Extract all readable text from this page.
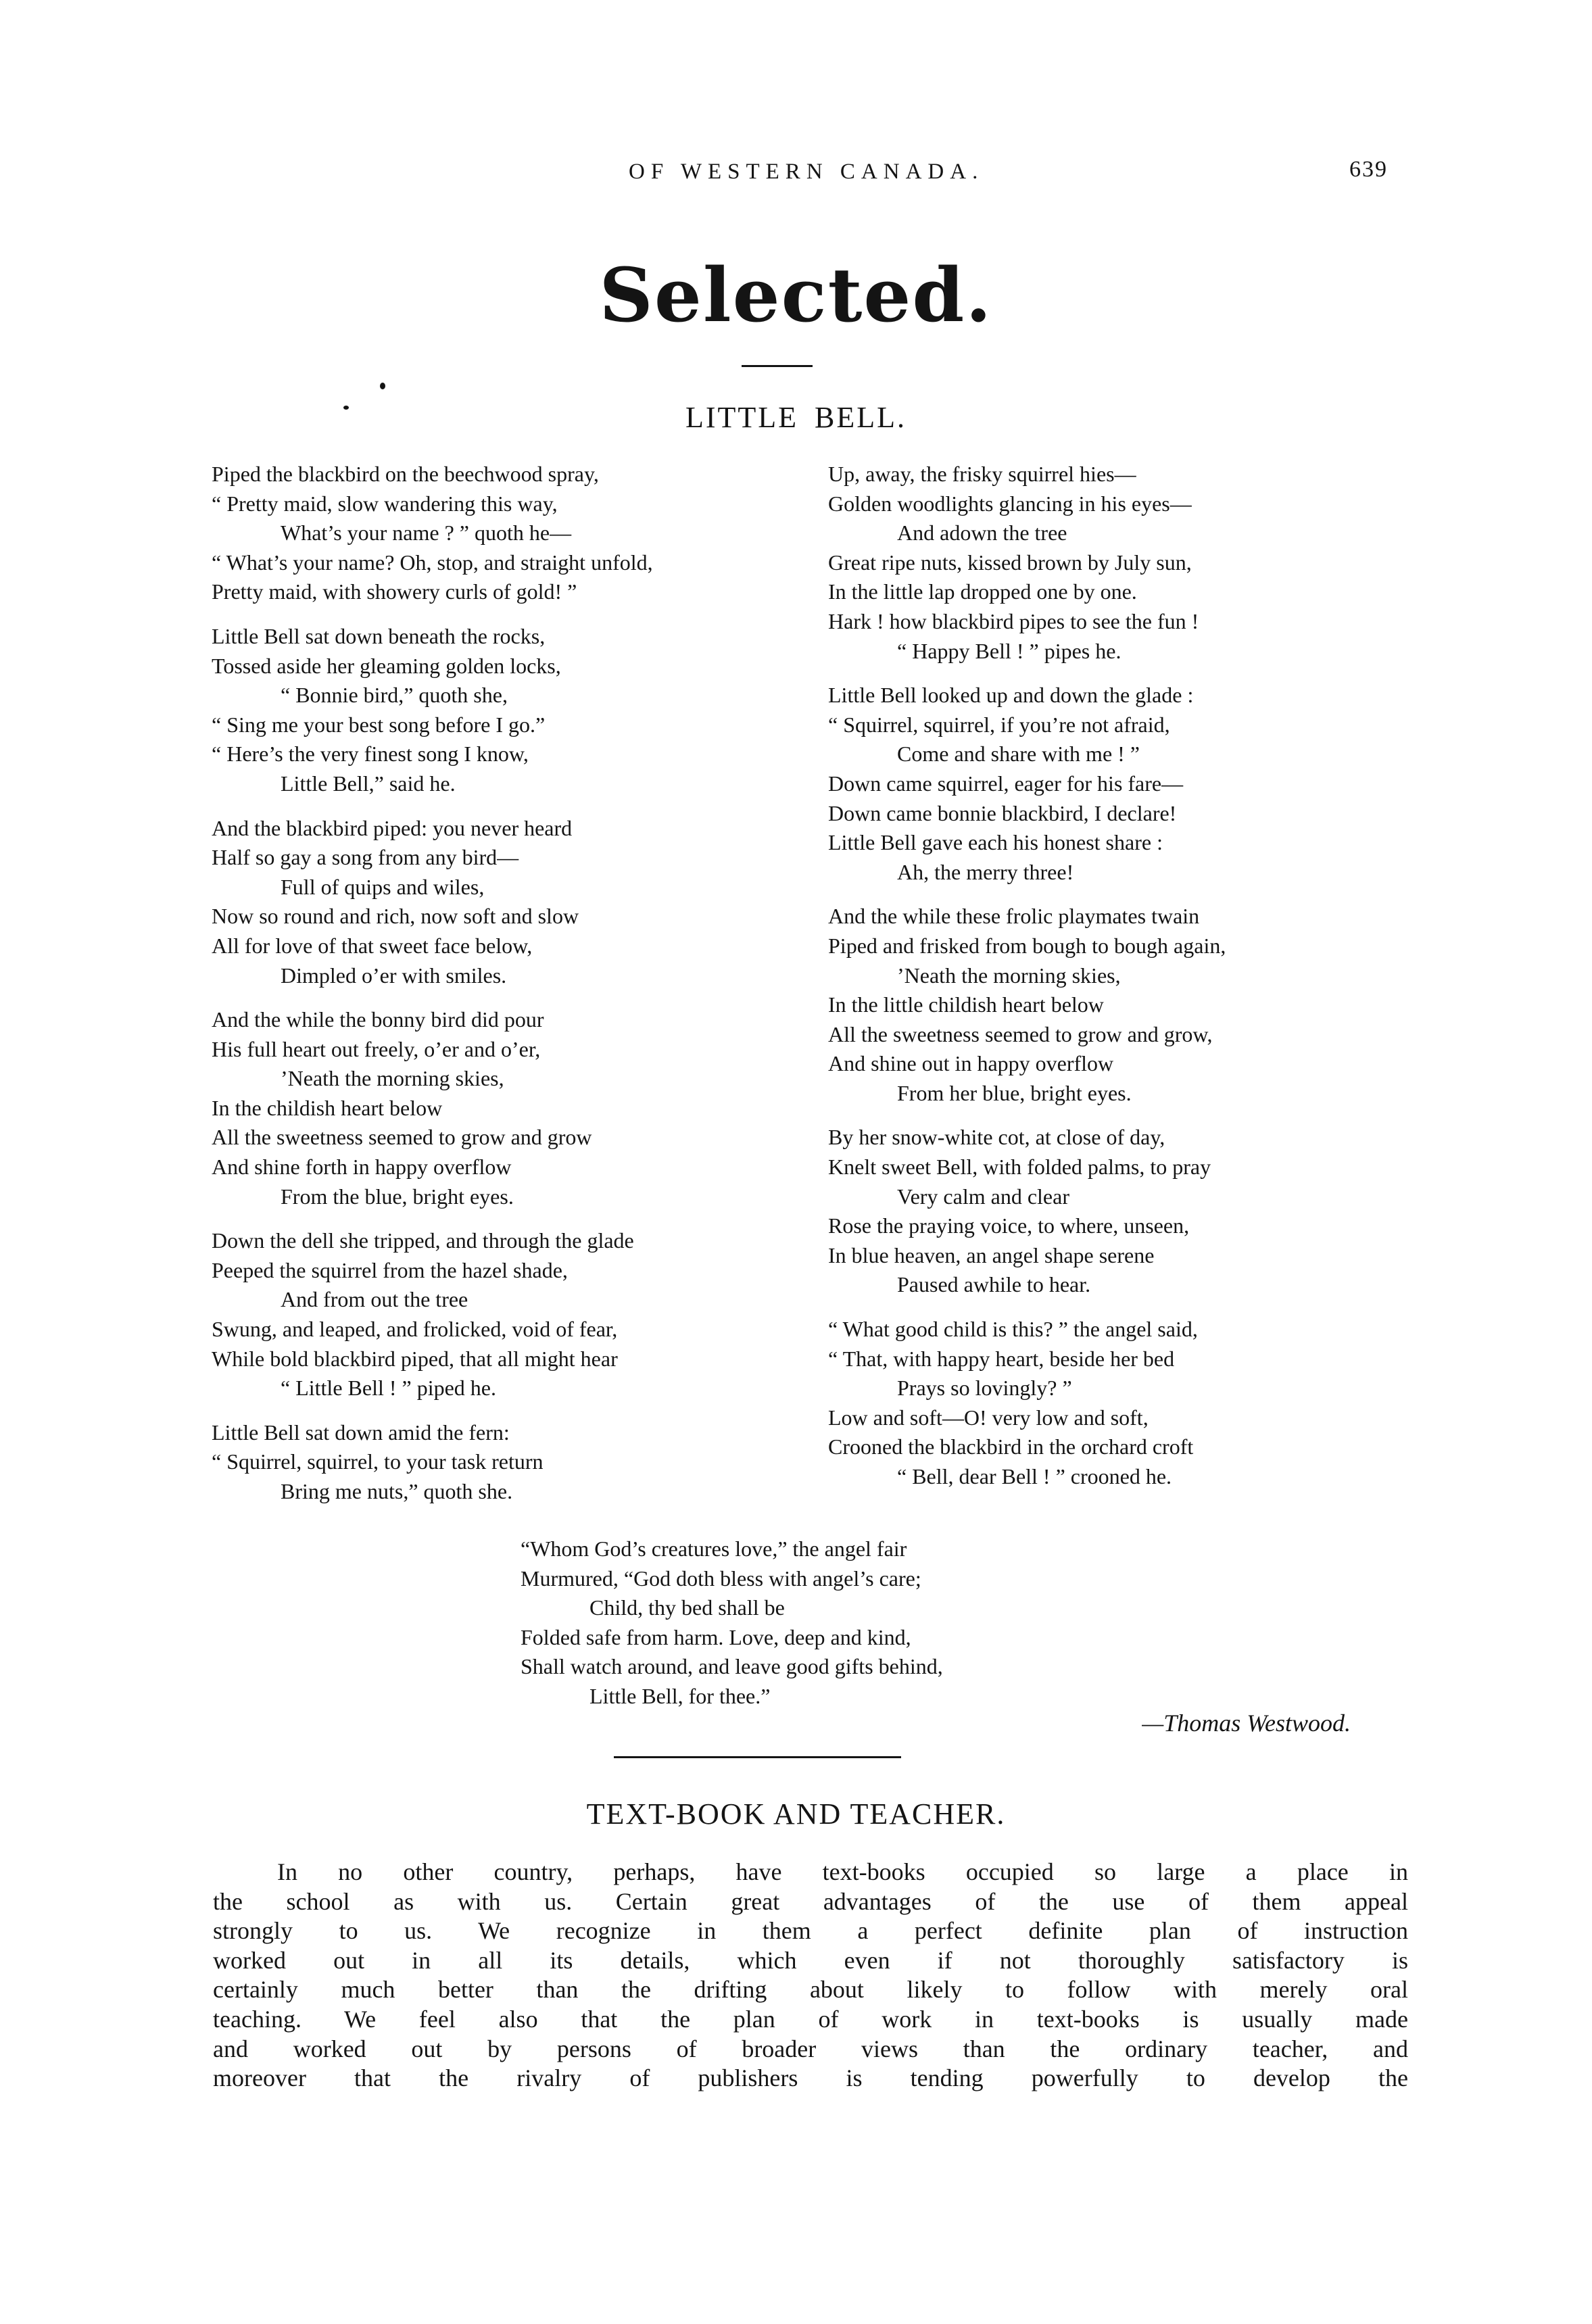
OF WESTERN CANADA.	639
Selected.
LITTLE BELL.
Piped the blackbird on the beechwood spray,
“ Pretty maid, slow wandering this way,
What’s your name ? ” quoth he—
“ What’s your name? Oh, stop, and straight unfold,
Pretty maid, with showery curls of gold! ”
Little Bell sat down beneath the rocks,
Tossed aside her gleaming golden locks,
“ Bonnie bird,” quoth she,
“ Sing me your best song before I go.”
“ Here’s the very finest song I know,
Little Bell,” said he.
And the blackbird piped: you never heard
Half so gay a song from any bird—
Full of quips and wiles,
Now so round and rich, now soft and slow
All for love of that sweet face below,
Dimpled o’er with smiles.
And the while the bonny bird did pour
His full heart out freely, o’er and o’er,
’Neath the morning skies,
In the childish heart below
All the sweetness seemed to grow and grow
And shine forth in happy overflow
From the blue, bright eyes.
Down the dell she tripped, and through the glade
Peeped the squirrel from the hazel shade,
And from out the tree
Swung, and leaped, and frolicked, void of fear,
While bold blackbird piped, that all might hear
“ Little Bell ! ” piped he.
Little Bell sat down amid the fern:
“ Squirrel, squirrel, to your task return
Bring me nuts,” quoth she.
Up, away, the frisky squirrel hies—
Golden woodlights glancing in his eyes—
And adown the tree
Great ripe nuts, kissed brown by July sun,
In the little lap dropped one by one.
Hark ! how blackbird pipes to see the fun !
“ Happy Bell ! ” pipes he.
Little Bell looked up and down the glade :
“ Squirrel, squirrel, if you’re not afraid,
Come and share with me ! ”
Down came squirrel, eager for his fare—
Down came bonnie blackbird, I declare!
Little Bell gave each his honest share :
Ah, the merry three!
And the while these frolic playmates twain
Piped and frisked from bough to bough again,
’Neath the morning skies,
In the little childish heart below
All the sweetness seemed to grow and grow,
And shine out in happy overflow
From her blue, bright eyes.
By her snow-white cot, at close of day,
Knelt sweet Bell, with folded palms, to pray
Very calm and clear
Rose the praying voice, to where, unseen,
In blue heaven, an angel shape serene
Paused awhile to hear.
“ What good child is this? ” the angel said,
“ That, with happy heart, beside her bed
Prays so lovingly? ”
Low and soft—O! very low and soft,
Crooned the blackbird in the orchard croft
“ Bell, dear Bell ! ” crooned he.
“Whom God’s creatures love,” the angel fair
Murmured, “God doth bless with angel’s care;
Child, thy bed shall be
Folded safe from harm. Love, deep and kind,
Shall watch around, and leave good gifts behind,
Little Bell, for thee.”
—Thomas Westwood.
TEXT-BOOK AND TEACHER.
In no other country, perhaps, have text-books occupied so large a place in
the school as with us. Certain great advantages of the use of them appeal
strongly to us. We recognize in them a perfect definite plan of instruction
worked out in all its details, which even if not thoroughly satisfactory is
certainly much better than the drifting about likely to follow with merely oral
teaching. We feel also that the plan of work in text-books is usually made
and worked out by persons of broader views than the ordinary teacher, and
moreover that the rivalry of publishers is tending powerfully to develop the
